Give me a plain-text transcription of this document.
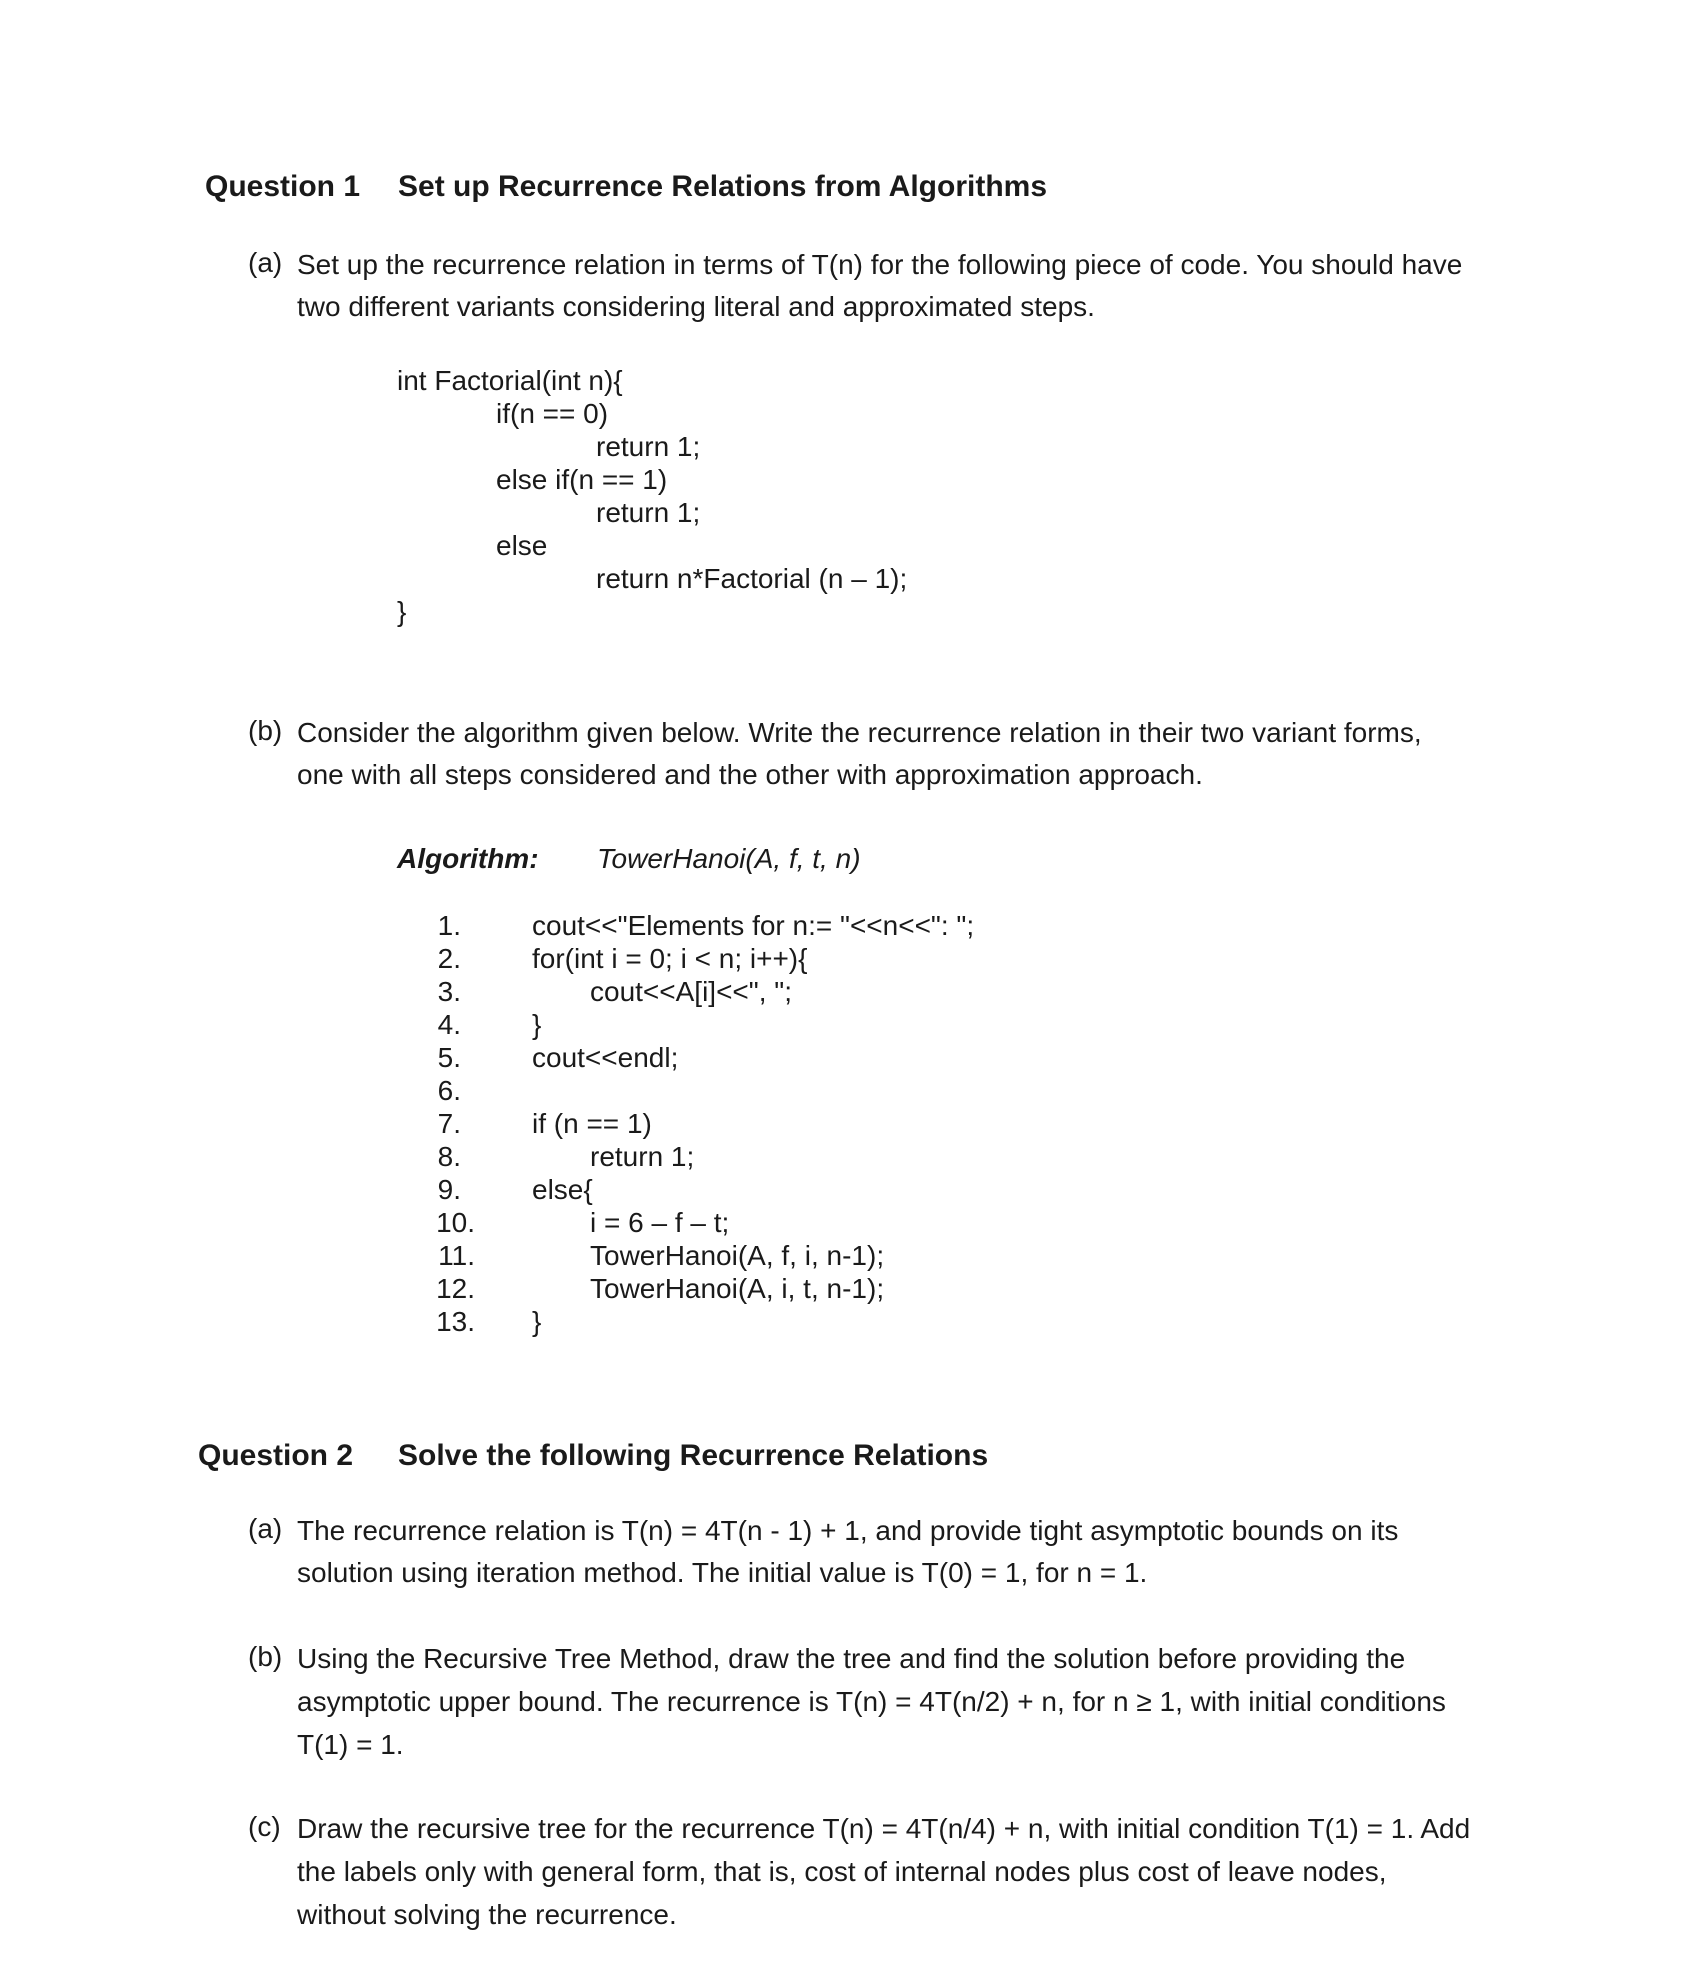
Question 1 Set up Recurrence Relations from Algorithms
(a) Set up the recurrence relation in terms of T(n) for the following piece of code. You should have
two different variants considering literal and approximated steps.
int Factorial(int n){
if(n == 0)
return 1;
else if(n == 1)
return 1;
else
return n*Factorial (n – 1);
}
(b) Consider the algorithm given below. Write the recurrence relation in their two variant forms,
one with all steps considered and the other with approximation approach.
Algorithm: TowerHanoi(A, f, t, n)
1.
2.
3.
4.
5.
6.
7.
8.
9.
10.
11.
12.
13.
cout<<"Elements for n:= "<<n<<": ";
for(int i = 0; i < n; i++){
cout<<A[i]<<", ";
}
cout<<endl;
if (n == 1)
return 1;
else{
i = 6 – f – t;
TowerHanoi(A, f, i, n-1);
TowerHanoi(A, i, t, n-1);
}
Question 2 Solve the following Recurrence Relations
(a) The recurrence relation is T(n) = 4T(n - 1) + 1, and provide tight asymptotic bounds on its
solution using iteration method. The initial value is T(0) = 1, for n = 1.
(b) Using the Recursive Tree Method, draw the tree and find the solution before providing the
asymptotic upper bound. The recurrence is T(n) = 4T(n/2) + n, for n ≥ 1, with initial conditions
T(1) = 1.
(c) Draw the recursive tree for the recurrence T(n) = 4T(n/4) + n, with initial condition T(1) = 1. Add
the labels only with general form, that is, cost of internal nodes plus cost of leave nodes,
without solving the recurrence.
